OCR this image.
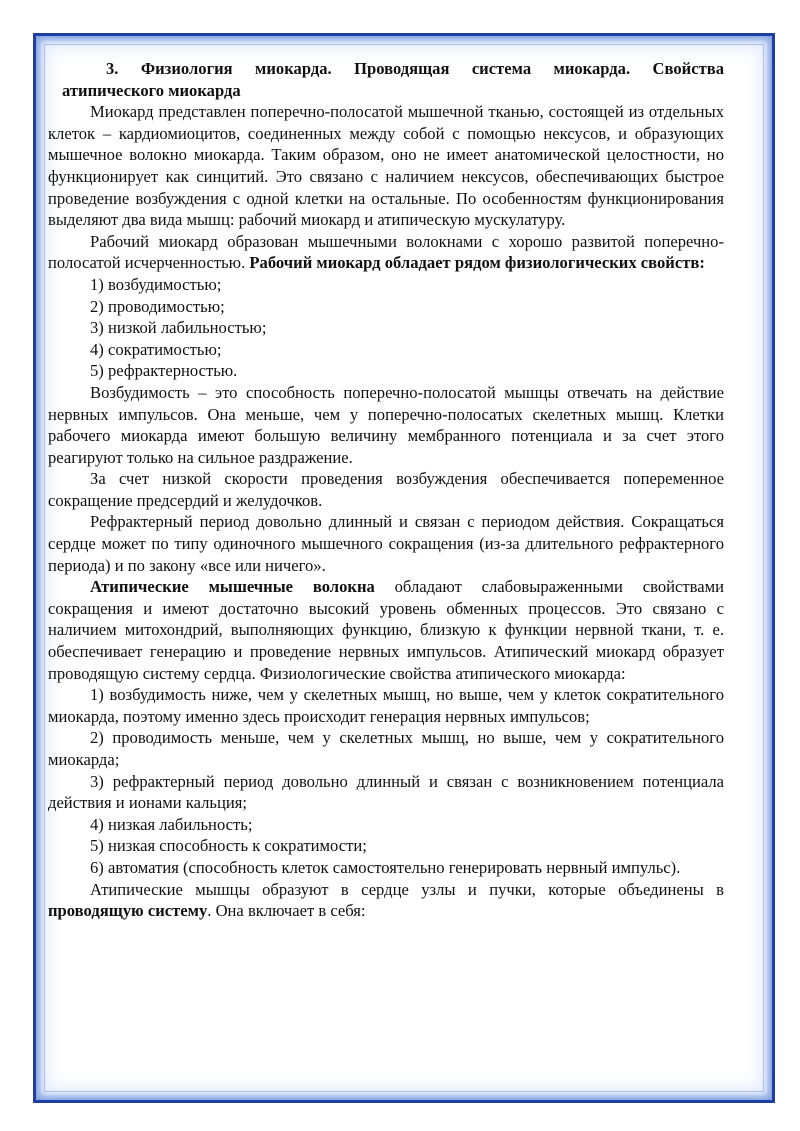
3. Физиология миокарда. Проводящая система миокарда. Свойства
атипического миокарда

Миокард представлен поперечно-полосатой мышечной тканью, состоящей из отдельных клеток – кардиомиоцитов, соединенных между собой с помощью нексусов, и образующих мышечное волокно миокарда. Таким образом, оно не имеет анатомической целостности, но функционирует как синцитий. Это связано с наличием нексусов, обеспечивающих быстрое проведение возбуждения с одной клетки на остальные. По особенностям функционирования выделяют два вида мышц: рабочий миокард и атипическую мускулатуру.

Рабочий миокард образован мышечными волокнами с хорошо развитой поперечно-полосатой исчерченностью. Рабочий миокард обладает рядом физиологических свойств:

1) возбудимостью;

2) проводимостью;

3) низкой лабильностью;

4) сократимостью;

5) рефрактерностью.

Возбудимость – это способность поперечно-полосатой мышцы отвечать на действие нервных импульсов. Она меньше, чем у поперечно-полосатых скелетных мышц. Клетки рабочего миокарда имеют большую величину мембранного потенциала и за счет этого реагируют только на сильное раздражение.

За счет низкой скорости проведения возбуждения обеспечивается попеременное сокращение предсердий и желудочков.

Рефрактерный период довольно длинный и связан с периодом действия. Сокращаться сердце может по типу одиночного мышечного сокращения (из-за длительного рефрактерного периода) и по закону «все или ничего».

Атипические мышечные волокна обладают слабовыраженными свойствами сокращения и имеют достаточно высокий уровень обменных процессов. Это связано с наличием митохондрий, выполняющих функцию, близкую к функции нервной ткани, т. е. обеспечивает генерацию и проведение нервных импульсов. Атипический миокард образует проводящую систему сердца. Физиологические свойства атипического миокарда:

1) возбудимость ниже, чем у скелетных мышц, но выше, чем у клеток сократительного миокарда, поэтому именно здесь происходит генерация нервных импульсов;

2) проводимость меньше, чем у скелетных мышц, но выше, чем у сократительного миокарда;

3) рефрактерный период довольно длинный и связан с возникновением потенциала действия и ионами кальция;

4) низкая лабильность;

5) низкая способность к сократимости;

6) автоматия (способность клеток самостоятельно генерировать нервный импульс).

Атипические мышцы образуют в сердце узлы и пучки, которые объединены в проводящую систему. Она включает в себя:
